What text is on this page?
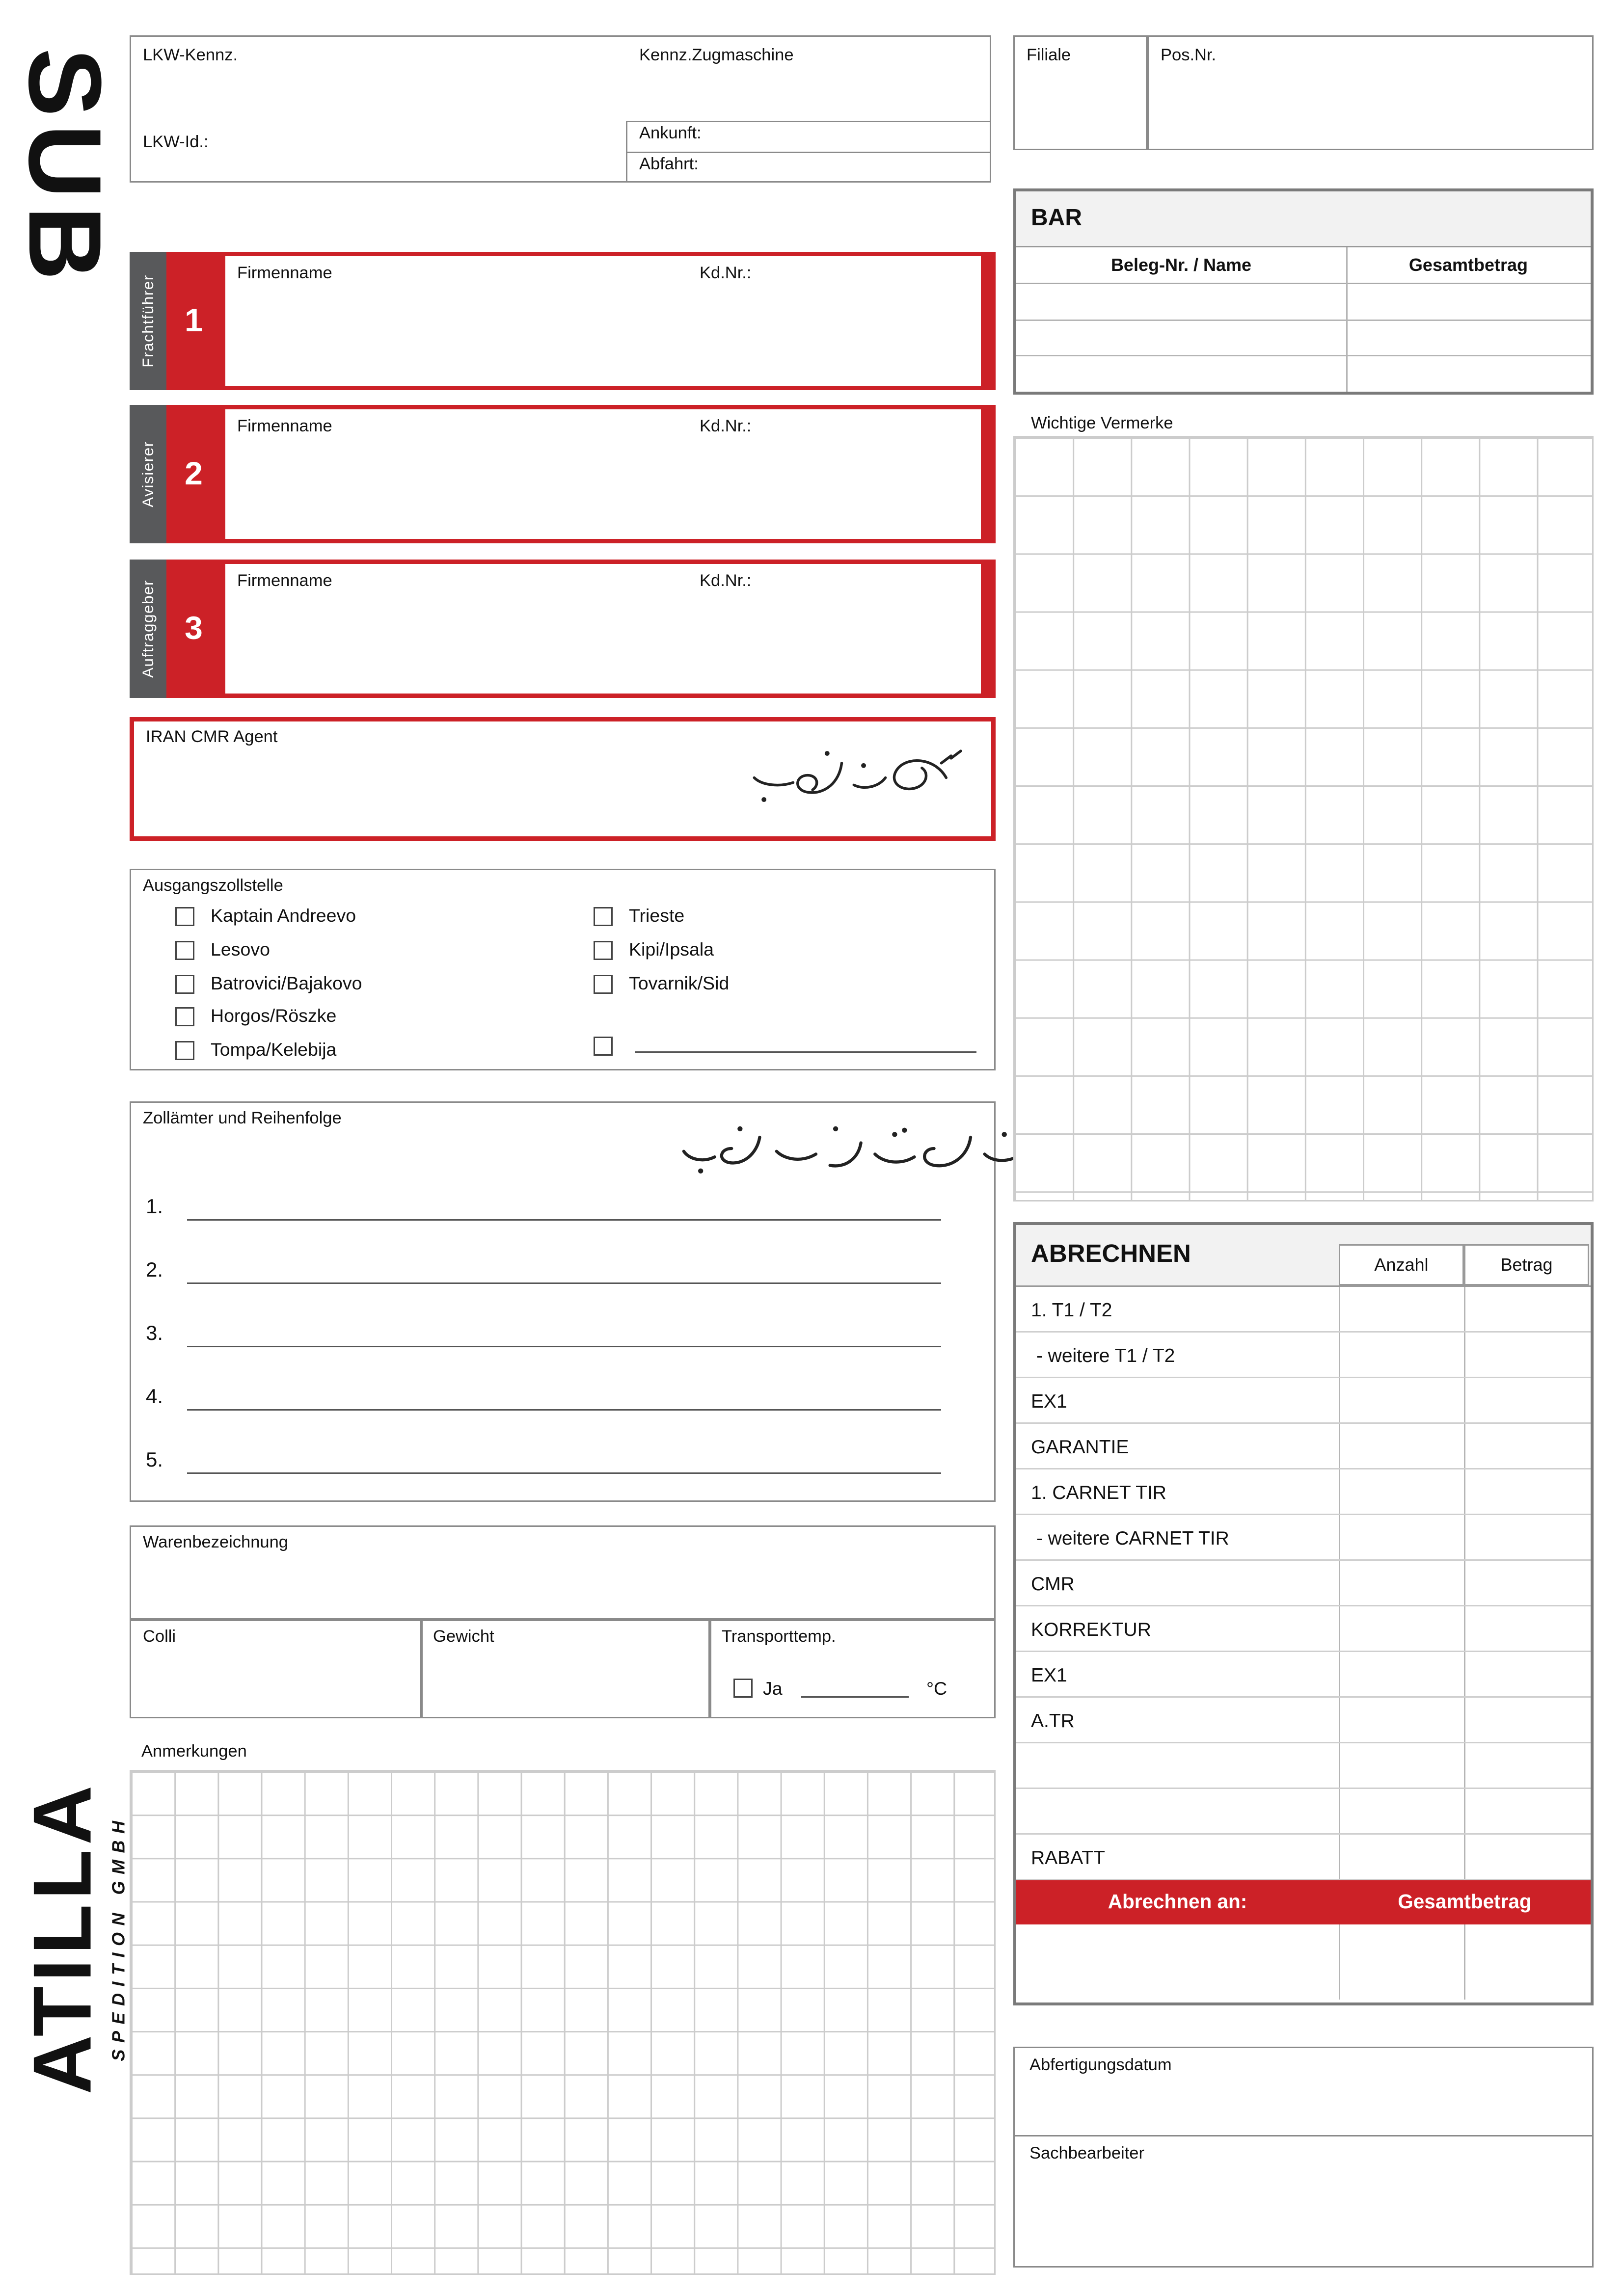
SUB
ATILLA SPEDITION GMBH
LKW-Kennz.	Kennz.Zugmaschine
LKW-Id.:	Ankunft:
Abfahrt:
Filiale	Pos.Nr.
BAR
Beleg-Nr. / Name	Gesamtbetrag
Frachtführer	1
Firmenname	Kd.Nr.:
Avisierer	2
Firmenname	Kd.Nr.:
Auftraggeber	3
Firmenname	Kd.Nr.:
IRAN CMR Agent
Ausgangszollstelle
Kaptain Andreevo
Lesovo
Batrovici/Bajakovo
Horgos/Röszke
Tompa/Kelebija
Trieste
Kipi/Ipsala
Tovarnik/Sid
Zollämter und Reihenfolge
1.
2.
3.
4.
5.
Warenbezeichnung
Colli	Gewicht	Transporttemp.
Ja	°C
Anmerkungen
Wichtige Vermerke
ABRECHNEN	Anzahl	Betrag
1. T1 / T2
- weitere T1 / T2
EX1
GARANTIE
1. CARNET TIR
- weitere CARNET TIR
CMR
KORREKTUR
EX1
A.TR
RABATT
Abrechnen an:	Gesamtbetrag
Abfertigungsdatum
Sachbearbeiter
